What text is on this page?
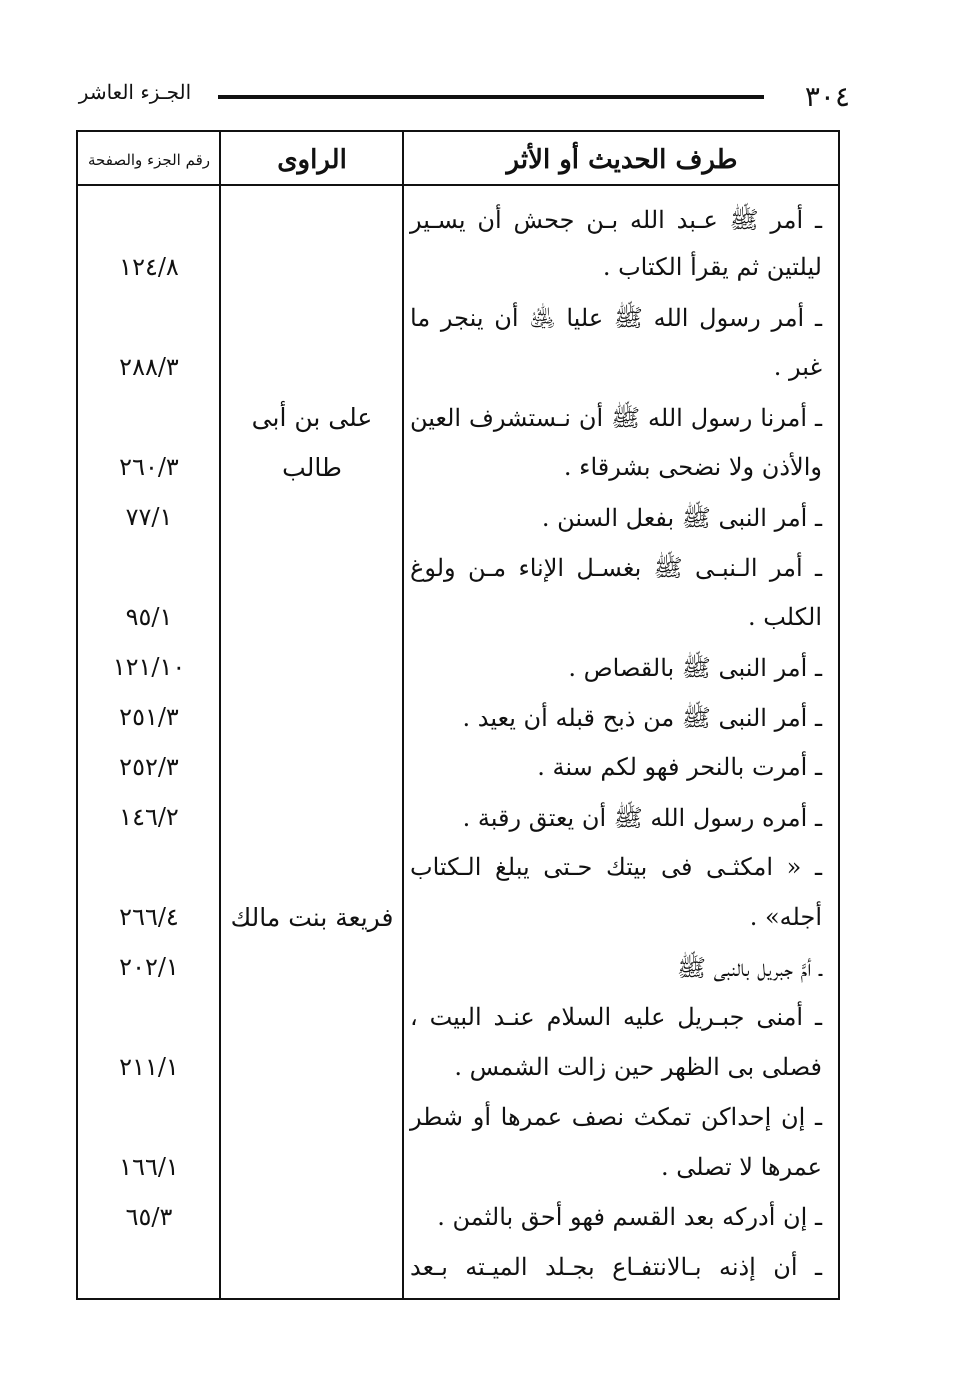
٣٠٤
الجـزء العاشر
طرف الحديث أو الأثر
الراوى
رقم الجزء والصفحة
ـ أمر ﷺ عـبد الله بـن جحش أن يسـير
ليلتين ثم يقرأ الكتاب .
ـ أمر رسول الله ﷺ عليا ﵁ أن ينجر ما
غبر .
ـ أمرنا رسول الله ﷺ أن نـستشرف العين
والأذن ولا نضحى بشرقاء .
ـ أمر النبى ﷺ بفعل السنن .
ـ أمر الـنبـى ﷺ بغسـل الإناء مـن ولوغ
الكلب .
ـ أمر النبى ﷺ بالقصاص .
ـ أمر النبى ﷺ من ذبح قبله أن يعيد .
ـ أمرت بالنحر فهو لكم سنة .
ـ أمره رسول الله ﷺ أن يعتق رقبة .
ـ « امكثـى فى بيتك حـتى يبلغ الـكتاب
أجله» .
ـ أمَّ جبريل بالنبى ﷺ
ـ أمنى جبـريل عليه السلام عنـد البيت ،
فصلى بى الظهر حين زالت الشمس .
ـ إن إحداكن تمكث نصف عمرها أو شطر
عمرها لا تصلى .
ـ إن أدركه بعد القسم فهو أحق بالثمن .
ـ أن إذنه بـالانتفـاع بجـلد الميـته بـعد
على بن أبى
طالب
فريعة بنت مالك
١٢٤/٨
٢٨٨/٣
٢٦٠/٣
٧٧/١
٩٥/١
١٢١/١٠
٢٥١/٣
٢٥٢/٣
١٤٦/٢
٢٦٦/٤
٢٠٢/١
٢١١/١
١٦٦/١
٦٥/٣
